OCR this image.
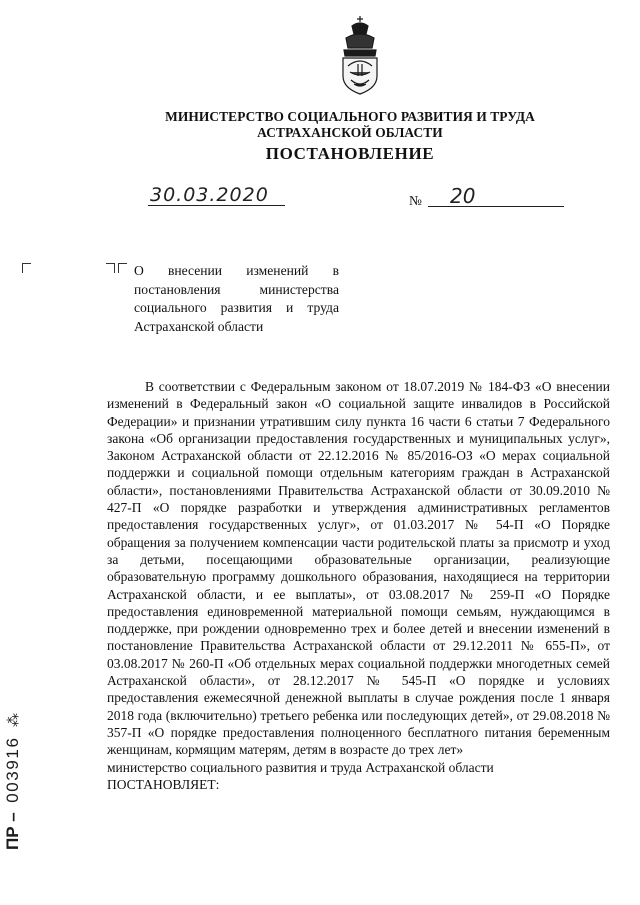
МИНИСТЕРСТВО СОЦИАЛЬНОГО РАЗВИТИЯ И ТРУДА
АСТРАХАНСКОЙ ОБЛАСТИ
ПОСТАНОВЛЕНИЕ
30.03.2020	№ 20

О внесении изменений в постановления министерства социального развития и труда Астраханской области

В соответствии с Федеральным законом от 18.07.2019 № 184-ФЗ «О внесении изменений в Федеральный закон «О социальной защите инвалидов в Российской Федерации» и признании утратившим силу пункта 16 части 6 статьи 7 Федерального закона «Об организации предоставления государственных и муниципальных услуг», Законом Астраханской области от 22.12.2016 № 85/2016-ОЗ «О мерах социальной поддержки и социальной помощи отдельным категориям граждан в Астраханской области», постановлениями Правительства Астраханской области от 30.09.2010 № 427-П «О порядке разработки и утверждения административных регламентов предоставления государственных услуг», от 01.03.2017 № 54-П «О Порядке обращения за получением компенсации части родительской платы за присмотр и уход за детьми, посещающими образовательные организации, реализующие образовательную программу дошкольного образования, находящиеся на территории Астраханской области, и ее выплаты», от 03.08.2017 № 259-П «О Порядке предоставления единовременной материальной помощи семьям, нуждающимся в поддержке, при рождении одновременно трех и более детей и внесении изменений в постановление Правительства Астраханской области от 29.12.2011 № 655-П», от 03.08.2017 № 260-П «Об отдельных мерах социальной поддержки многодетных семей Астраханской области», от 28.12.2017 № 545-П «О порядке и условиях предоставления ежемесячной денежной выплаты в случае рождения после 1 января 2018 года (включительно) третьего ребенка или последующих детей», от 29.08.2018 № 357-П «О порядке предоставления полноценного бесплатного питания беременным женщинам, кормящим матерям, детям в возрасте до трех лет»

министерство социального развития и труда Астраханской области

ПОСТАНОВЛЯЕТ:

ПР –  003916  ⁂
